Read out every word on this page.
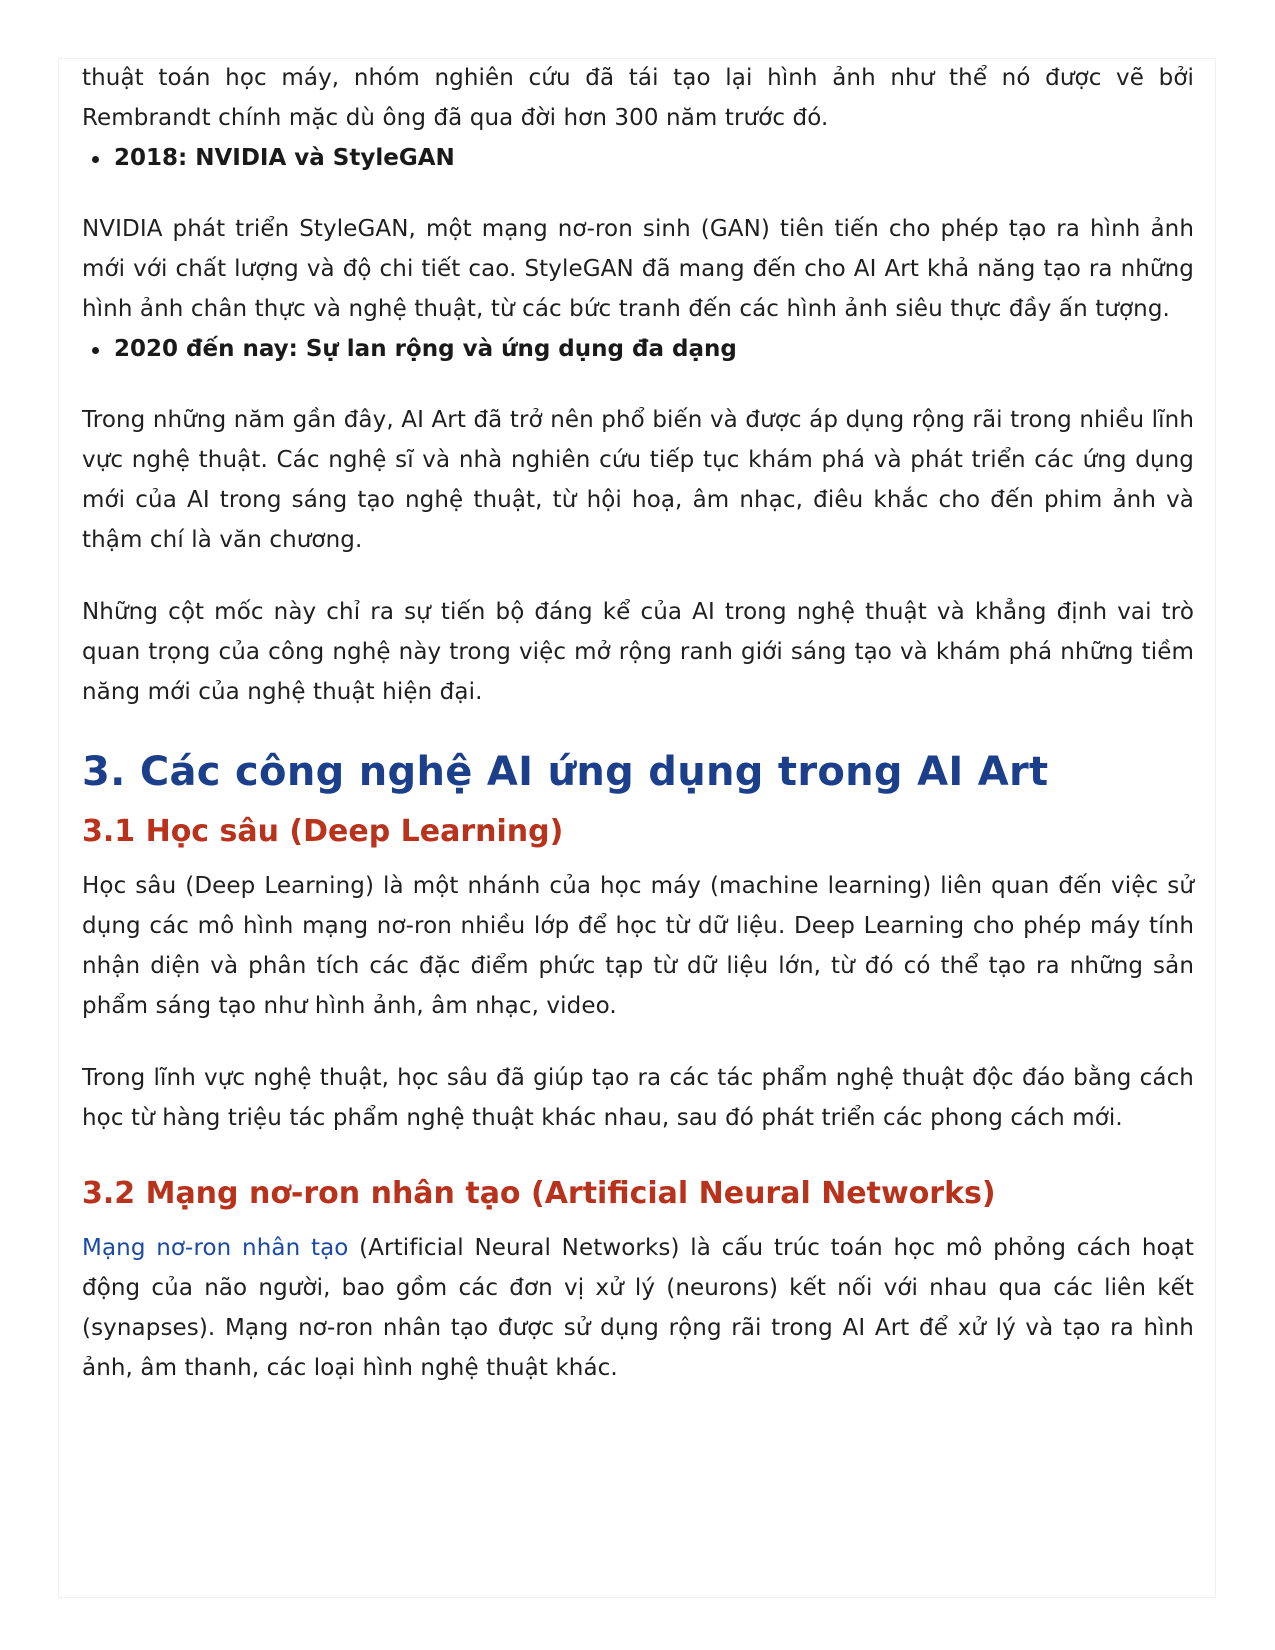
thuật toán học máy, nhóm nghiên cứu đã tái tạo lại hình ảnh như thể nó được vẽ bởi Rembrandt chính mặc dù ông đã qua đời hơn 300 năm trước đó.

2018: NVIDIA và StyleGAN

NVIDIA phát triển StyleGAN, một mạng nơ-ron sinh (GAN) tiên tiến cho phép tạo ra hình ảnh mới với chất lượng và độ chi tiết cao. StyleGAN đã mang đến cho AI Art khả năng tạo ra những hình ảnh chân thực và nghệ thuật, từ các bức tranh đến các hình ảnh siêu thực đầy ấn tượng.

2020 đến nay: Sự lan rộng và ứng dụng đa dạng

Trong những năm gần đây, AI Art đã trở nên phổ biến và được áp dụng rộng rãi trong nhiều lĩnh vực nghệ thuật. Các nghệ sĩ và nhà nghiên cứu tiếp tục khám phá và phát triển các ứng dụng mới của AI trong sáng tạo nghệ thuật, từ hội hoạ, âm nhạc, điêu khắc cho đến phim ảnh và thậm chí là văn chương.

Những cột mốc này chỉ ra sự tiến bộ đáng kể của AI trong nghệ thuật và khẳng định vai trò quan trọng của công nghệ này trong việc mở rộng ranh giới sáng tạo và khám phá những tiềm năng mới của nghệ thuật hiện đại.

3. Các công nghệ AI ứng dụng trong AI Art
3.1 Học sâu (Deep Learning)

Học sâu (Deep Learning) là một nhánh của học máy (machine learning) liên quan đến việc sử dụng các mô hình mạng nơ-ron nhiều lớp để học từ dữ liệu. Deep Learning cho phép máy tính nhận diện và phân tích các đặc điểm phức tạp từ dữ liệu lớn, từ đó có thể tạo ra những sản phẩm sáng tạo như hình ảnh, âm nhạc, video.

Trong lĩnh vực nghệ thuật, học sâu đã giúp tạo ra các tác phẩm nghệ thuật độc đáo bằng cách học từ hàng triệu tác phẩm nghệ thuật khác nhau, sau đó phát triển các phong cách mới.

3.2 Mạng nơ-ron nhân tạo (Artificial Neural Networks)

Mạng nơ-ron nhân tạo (Artificial Neural Networks) là cấu trúc toán học mô phỏng cách hoạt động của não người, bao gồm các đơn vị xử lý (neurons) kết nối với nhau qua các liên kết (synapses). Mạng nơ-ron nhân tạo được sử dụng rộng rãi trong AI Art để xử lý và tạo ra hình ảnh, âm thanh, các loại hình nghệ thuật khác.
